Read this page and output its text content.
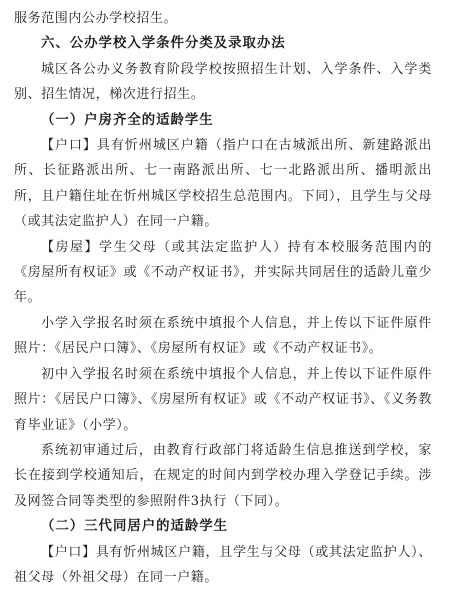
服务范围内公办学校招生。

六、公办学校入学条件分类及录取办法

城区各公办义务教育阶段学校按照招生计划、入学条件、入学类别、招生情况，梯次进行招生。

（一）户房齐全的适龄学生

【户口】具有忻州城区户籍（指户口在古城派出所、新建路派出所、长征路派出所、七一南路派出所、七一北路派出所、播明派出所，且户籍住址在忻州城区学校招生总范围内。下同），且学生与父母（或其法定监护人）在同一户籍。

【房屋】学生父母（或其法定监护人）持有本校服务范围内的《房屋所有权证》或《不动产权证书》，并实际共同居住的适龄儿童少年。

小学入学报名时须在系统中填报个人信息，并上传以下证件原件照片：《居民户口簿》、《房屋所有权证》或《不动产权证书》。

初中入学报名时须在系统中填报个人信息，并上传以下证件原件照片：《居民户口簿》、《房屋所有权证》或《不动产权证书》、《义务教育毕业证》（小学）。

系统初审通过后，由教育行政部门将适龄生信息推送到学校，家长在接到学校通知后，在规定的时间内到学校办理入学登记手续。涉及网签合同等类型的参照附件3执行（下同）。

（二）三代同居户的适龄学生

【户口】具有忻州城区户籍，且学生与父母（或其法定监护人）、祖父母（外祖父母）在同一户籍。
